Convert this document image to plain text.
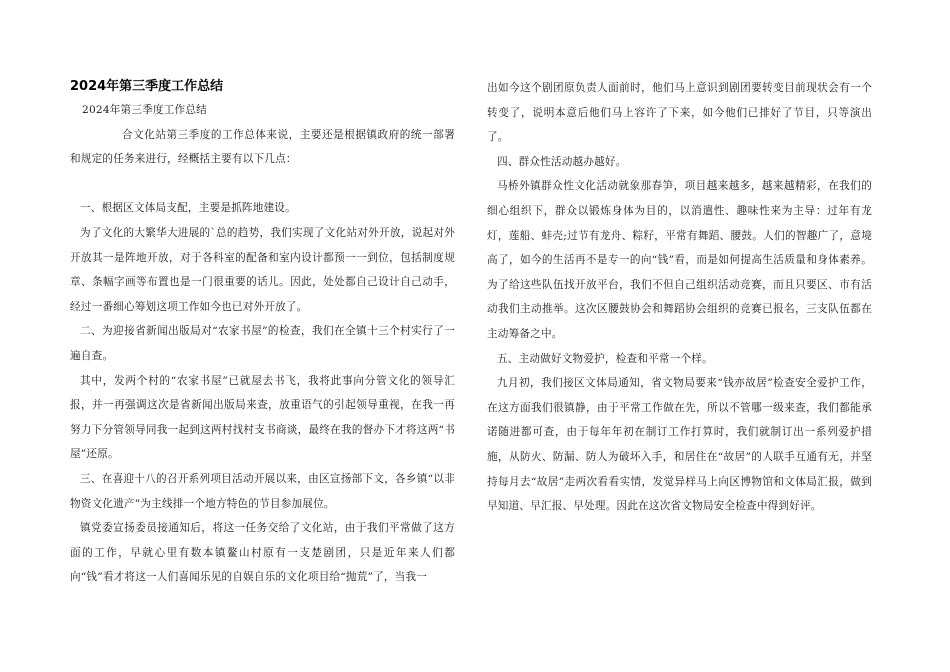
2024年第三季度工作总结

2024年第三季度工作总结

合文化站第三季度的工作总体来说，主要还是根据镇政府的统一部署和规定的任务来进行，经概括主要有以下几点：

一、根据区文体局支配，主要是抓阵地建设。

为了文化的大繁华大进展的`总的趋势，我们实现了文化站对外开放，说起对外开放其一是阵地开放，对于各科室的配备和室内设计都预一一到位，包括制度规章、条幅字画等布置也是一门很重要的话儿。因此，处处都自己设计自己动手，经过一番细心筹划这项工作如今也已对外开放了。

二、为迎接省新闻出版局对“农家书屋”的检查，我们在全镇十三个村实行了一遍自查。

其中，发两个村的“农家书屋”已就屋去书飞，我将此事向分管文化的领导汇报，并一再强调这次是省新闻出版局来查，放重语气的引起领导重视，在我一再努力下分管领导同我一起到这两村找村支书商谈，最终在我的督办下才将这两“书屋”还原。

三、在喜迎十八的召开系列项目活动开展以来，由区宣扬部下文，各乡镇“以非物资文化遗产”为主线排一个地方特色的节目参加展位。

镇党委宣扬委员接通知后，将这一任务交给了文化站，由于我们平常做了这方面的工作，早就心里有数本镇鳌山村原有一支楚剧团，只是近年来人们都向“钱”看才将这一人们喜闻乐见的自娱自乐的文化项目给“抛荒”了，当我一

出如今这个剧团原负责人面前时，他们马上意识到剧团要转变目前现状会有一个转变了，说明本意后他们马上容许了下来，如今他们已排好了节目，只等演出了。

四、群众性活动越办越好。

马桥外镇群众性文化活动就象那春笋，项目越来越多，越来越精彩，在我们的细心组织下，群众以锻炼身体为目的，以消遣性、趣味性来为主导：过年有龙灯，莲船、蚌壳;过节有龙舟、粽籽，平常有舞蹈、腰鼓。人们的智趣广了，意境高了，如今的生活再不是专一的向“钱”看，而是如何提高生活质量和身体素养。为了给这些队伍找开放平台，我们不但自己组织活动竞赛，而且只要区、市有活动我们主动推举。这次区腰鼓协会和舞蹈协会组织的竞赛已报名，三支队伍都在主动筹备之中。

五、主动做好文物爱护，检查和平常一个样。

九月初，我们接区文体局通知，省文物局要来“钱亦故居”检查安全爱护工作，在这方面我们很镇静，由于平常工作做在先，所以不管哪一级来查，我们都能承诺随进都可查，由于每年年初在制订工作打算时，我们就制订出一系列爱护措施，从防火、防漏、防人为破坏入手，和居住在“故居”的人联手互通有无，并坚持每月去“故居”走两次看看实情，发觉异样马上向区博物馆和文体局汇报，做到早知道、早汇报、早处理。因此在这次省文物局安全检查中得到好评。
